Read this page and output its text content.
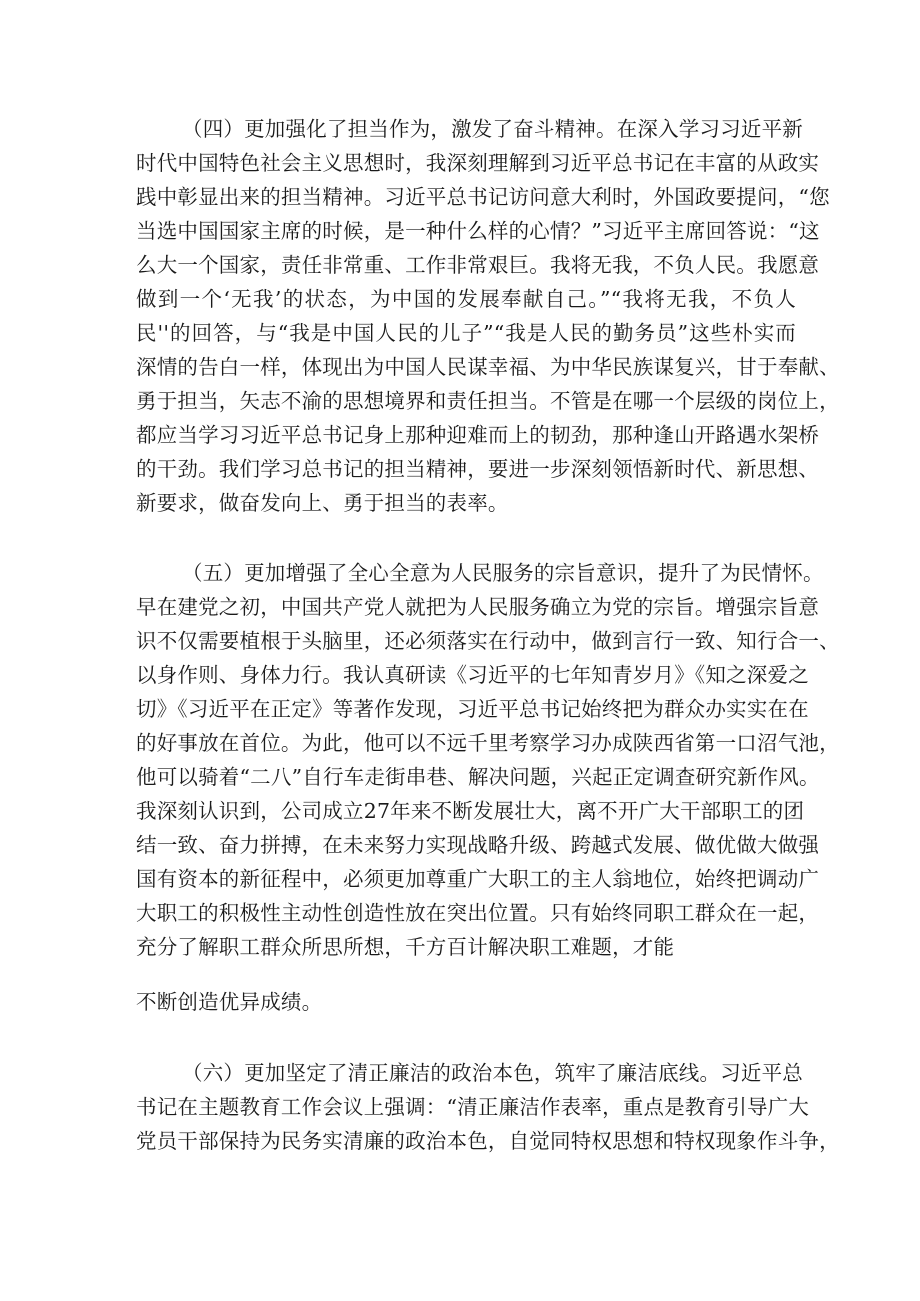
（四）更加强化了担当作为，激发了奋斗精神。在深入学习习近平新
时代中国特色社会主义思想时，我深刻理解到习近平总书记在丰富的从政实
践中彰显出来的担当精神。习近平总书记访问意大利时，外国政要提问，“您
当选中国国家主席的时候，是一种什么样的心情？”习近平主席回答说：“这
么大一个国家，责任非常重、工作非常艰巨。我将无我，不负人民。我愿意
做到一个‘无我’的状态，为中国的发展奉献自己。”“我将无我，不负人
民''的回答，与“我是中国人民的儿子”“我是人民的勤务员”这些朴实而
深情的告白一样，体现出为中国人民谋幸福、为中华民族谋复兴，甘于奉献、
勇于担当，矢志不渝的思想境界和责任担当。不管是在哪一个层级的岗位上，
都应当学习习近平总书记身上那种迎难而上的韧劲，那种逢山开路遇水架桥
的干劲。我们学习总书记的担当精神，要进一步深刻领悟新时代、新思想、
新要求，做奋发向上、勇于担当的表率。
（五）更加增强了全心全意为人民服务的宗旨意识，提升了为民情怀。
早在建党之初，中国共产党人就把为人民服务确立为党的宗旨。增强宗旨意
识不仅需要植根于头脑里，还必须落实在行动中，做到言行一致、知行合一、
以身作则、身体力行。我认真研读《习近平的七年知青岁月》《知之深爱之
切》《习近平在正定》等著作发现，习近平总书记始终把为群众办实实在在
的好事放在首位。为此，他可以不远千里考察学习办成陕西省第一口沼气池，
他可以骑着“二八”自行车走街串巷、解决问题，兴起正定调查研究新作风。
我深刻认识到，公司成立27年来不断发展壮大，离不开广大干部职工的团
结一致、奋力拼搏，在未来努力实现战略升级、跨越式发展、做优做大做强
国有资本的新征程中，必须更加尊重广大职工的主人翁地位，始终把调动广
大职工的积极性主动性创造性放在突出位置。只有始终同职工群众在一起，
充分了解职工群众所思所想，千方百计解决职工难题，才能
不断创造优异成绩。
（六）更加坚定了清正廉洁的政治本色，筑牢了廉洁底线。习近平总
书记在主题教育工作会议上强调：“清正廉洁作表率，重点是教育引导广大
党员干部保持为民务实清廉的政治本色，自觉同特权思想和特权现象作斗争，
